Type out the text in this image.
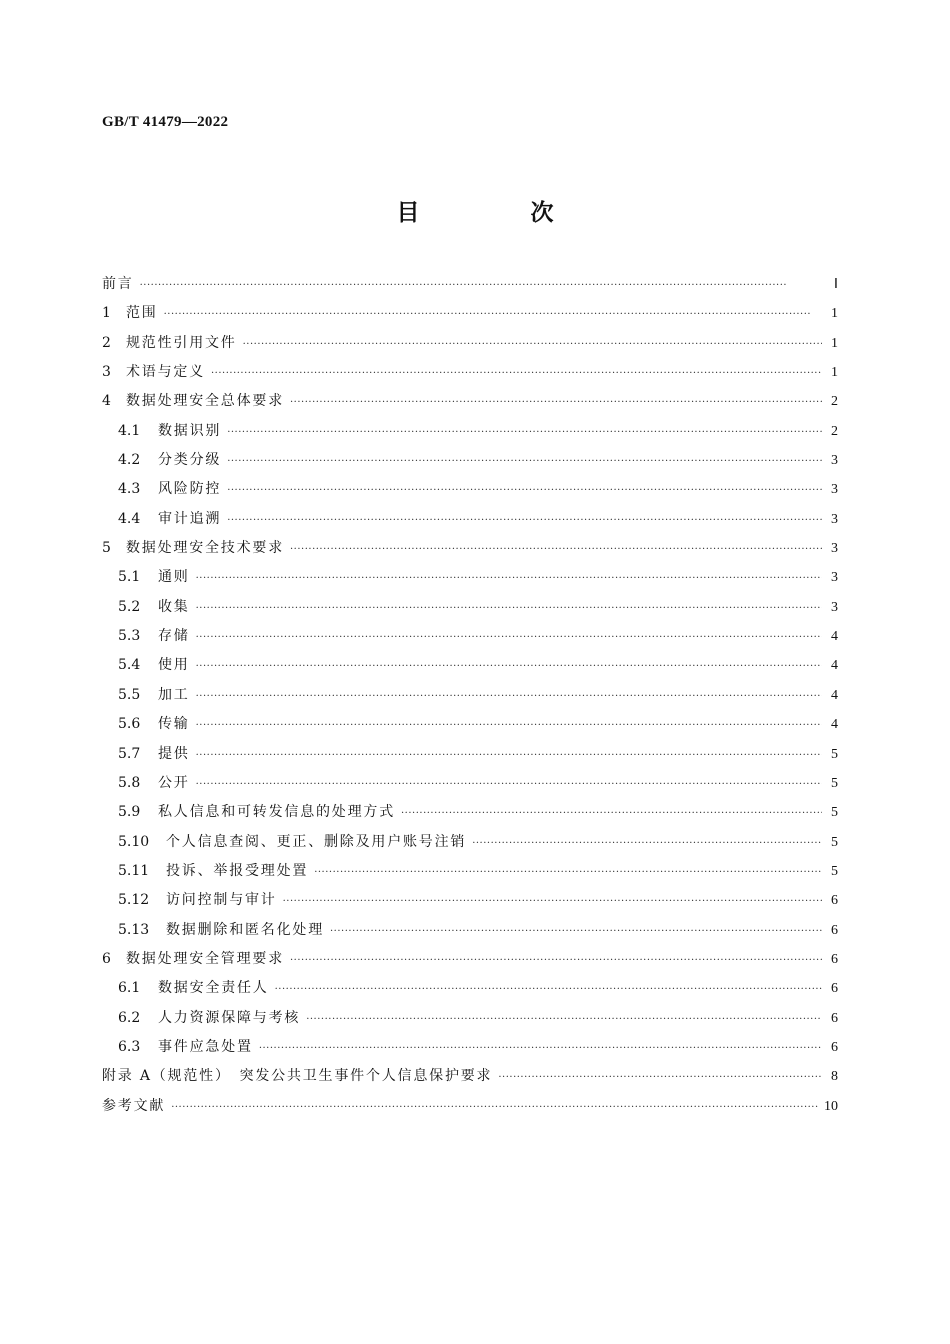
GB/T 41479—2022
目　次
前言 ·····	Ⅰ
1	范围 ·····	1
2	规范性引用文件 ·····	1
3	术语与定义 ·····	1
4	数据处理安全总体要求 ·····	2
4.1	数据识别 ·····	2
4.2	分类分级 ·····	3
4.3	风险防控 ·····	3
4.4	审计追溯 ·····	3
5	数据处理安全技术要求 ·····	3
5.1	通则 ·····	3
5.2	收集 ·····	3
5.3	存储 ·····	4
5.4	使用 ·····	4
5.5	加工 ·····	4
5.6	传输 ·····	4
5.7	提供 ·····	5
5.8	公开 ·····	5
5.9	私人信息和可转发信息的处理方式 ·····	5
5.10	个人信息查阅、更正、删除及用户账号注销 ·····	5
5.11	投诉、举报受理处置 ·····	5
5.12	访问控制与审计 ·····	6
5.13	数据删除和匿名化处理 ·····	6
6	数据处理安全管理要求 ·····	6
6.1	数据安全责任人 ·····	6
6.2	人力资源保障与考核 ·····	6
6.3	事件应急处置 ·····	6
附录 A（规范性）　突发公共卫生事件个人信息保护要求 ·····	8
参考文献 ·····	10
